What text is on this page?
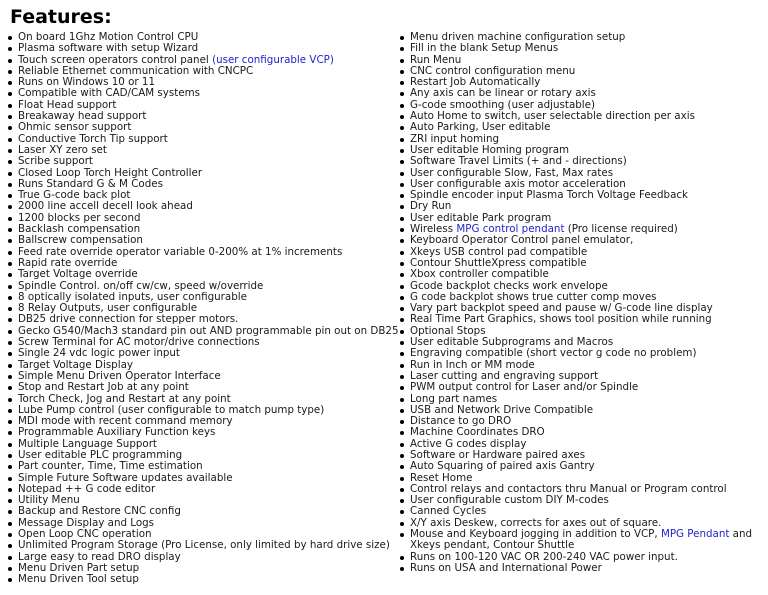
Features:
On board 1Ghz Motion Control CPU
Plasma software with setup Wizard
Touch screen operators control panel (user configurable VCP)
Reliable Ethernet communication with CNCPC
Runs on Windows 10 or 11
Compatible with CAD/CAM systems
Float Head support
Breakaway head support
Ohmic sensor support
Conductive Torch Tip support
Laser XY zero set
Scribe support
Closed Loop Torch Height Controller
Runs Standard G & M Codes
True G-code back plot
2000 line accell decell look ahead
1200 blocks per second
Backlash compensation
Ballscrew compensation
Feed rate override operator variable 0-200% at 1% increments
Rapid rate override
Target Voltage override
Spindle Control. on/off cw/cw, speed w/override
8 optically isolated inputs, user configurable
8 Relay Outputs, user configurable
DB25 drive connection for stepper motors.
Gecko G540/Mach3 standard pin out AND programmable pin out on DB25
Screw Terminal for AC motor/drive connections
Single 24 vdc logic power input
Target Voltage Display
Simple Menu Driven Operator Interface
Stop and Restart Job at any point
Torch Check, Jog and Restart at any point
Lube Pump control (user configurable to match pump type)
MDI mode with recent command memory
Programmable Auxiliary Function keys
Multiple Language Support
User editable PLC programming
Part counter, Time, Time estimation
Simple Future Software updates available
Notepad ++ G code editor
Utility Menu
Backup and Restore CNC config
Message Display and Logs
Open Loop CNC operation
Unlimited Program Storage (Pro License, only limited by hard drive size)
Large easy to read DRO display
Menu Driven Part setup
Menu Driven Tool setup
Menu driven machine configuration setup
Fill in the blank Setup Menus
Run Menu
CNC control configuration menu
Restart Job Automatically
Any axis can be linear or rotary axis
G-code smoothing (user adjustable)
Auto Home to switch, user selectable direction per axis
Auto Parking, User editable
ZRI input homing
User editable Homing program
Software Travel Limits (+ and - directions)
User configurable Slow, Fast, Max rates
User configurable axis motor acceleration
Spindle encoder input Plasma Torch Voltage Feedback
Dry Run
User editable Park program
Wireless MPG control pendant (Pro license required)
Keyboard Operator Control panel emulator,
Xkeys USB control pad compatible
Contour ShuttleXpress compatible
Xbox controller compatible
Gcode backplot checks work envelope
G code backplot shows true cutter comp moves
Vary part backplot speed and pause w/ G-code line display
Real Time Part Graphics, shows tool position while running
Optional Stops
User editable Subprograms and Macros
Engraving compatible (short vector g code no problem)
Run in Inch or MM mode
Laser cutting and engraving support
PWM output control for Laser and/or Spindle
Long part names
USB and Network Drive Compatible
Distance to go DRO
Machine Coordinates DRO
Active G codes display
Software or Hardware paired axes
Auto Squaring of paired axis Gantry
Reset Home
Control relays and contactors thru Manual or Program control
User configurable custom DIY M-codes
Canned Cycles
X/Y axis Deskew, corrects for axes out of square.
Mouse and Keyboard jogging in addition to VCP, MPG Pendant and Xkeys pendant, Contour Shuttle
Runs on 100-120 VAC OR 200-240 VAC power input.
Runs on USA and International Power
